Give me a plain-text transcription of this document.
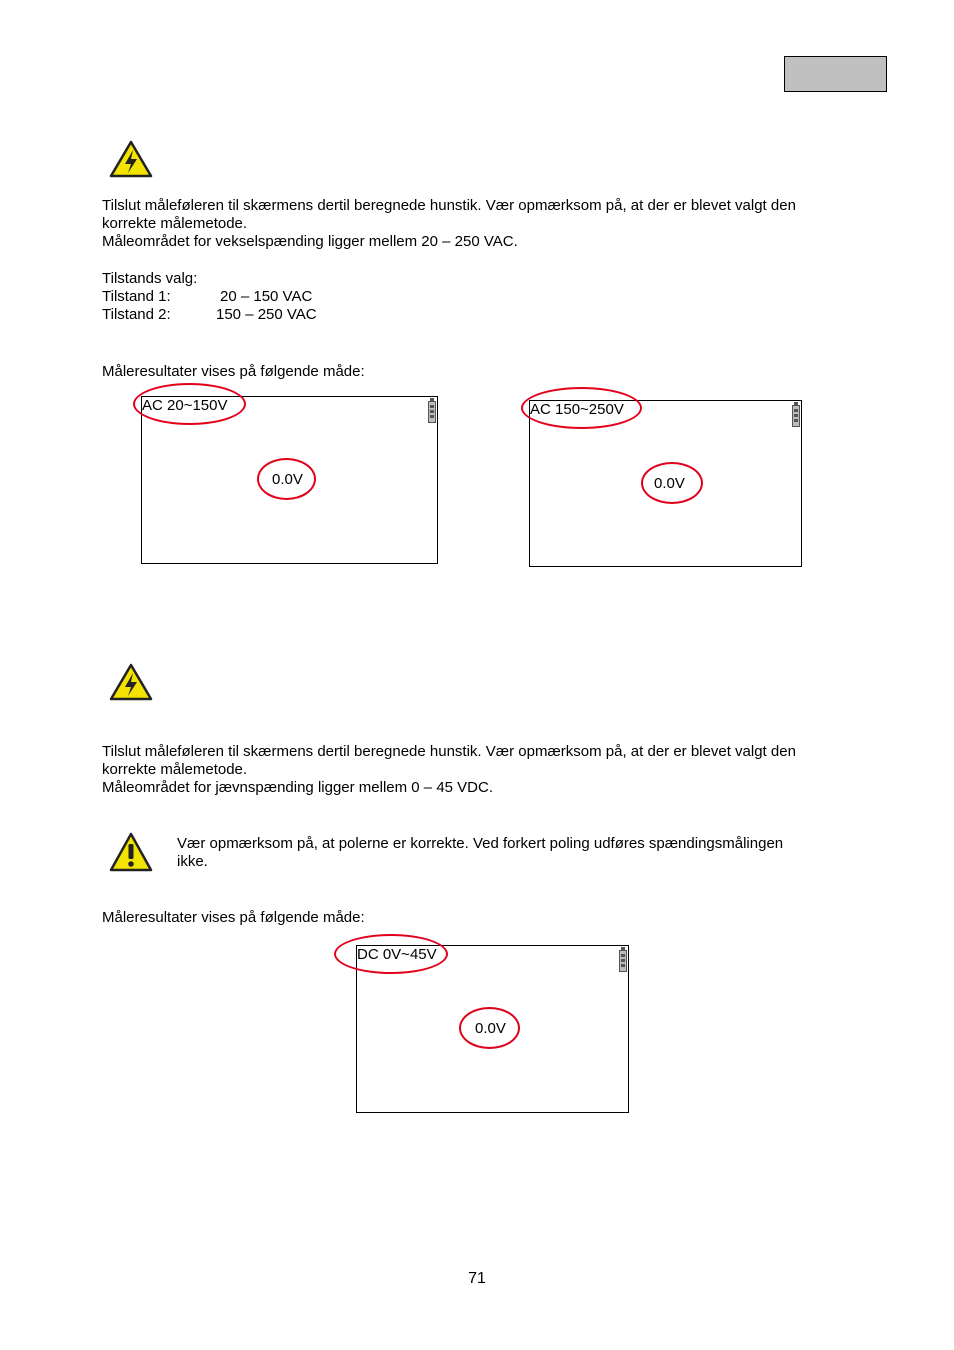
Tilslut måleføleren til skærmens dertil beregnede hunstik. Vær opmærksom på, at der er blevet valgt den
korrekte målemetode.
Måleområdet for vekselspænding ligger mellem 20 – 250 VAC.
Tilstands valg:
Tilstand 1:	20 – 150 VAC
Tilstand 2:	150 – 250 VAC
Måleresultater vises på følgende måde:
AC 20~150V
0.0V
AC 150~250V
0.0V
Tilslut måleføleren til skærmens dertil beregnede hunstik. Vær opmærksom på, at der er blevet valgt den
korrekte målemetode.
Måleområdet for jævnspænding ligger mellem 0 – 45 VDC.
Vær opmærksom på, at polerne er korrekte. Ved forkert poling udføres spændingsmålingen
ikke.
Måleresultater vises på følgende måde:
DC 0V~45V
0.0V
71
